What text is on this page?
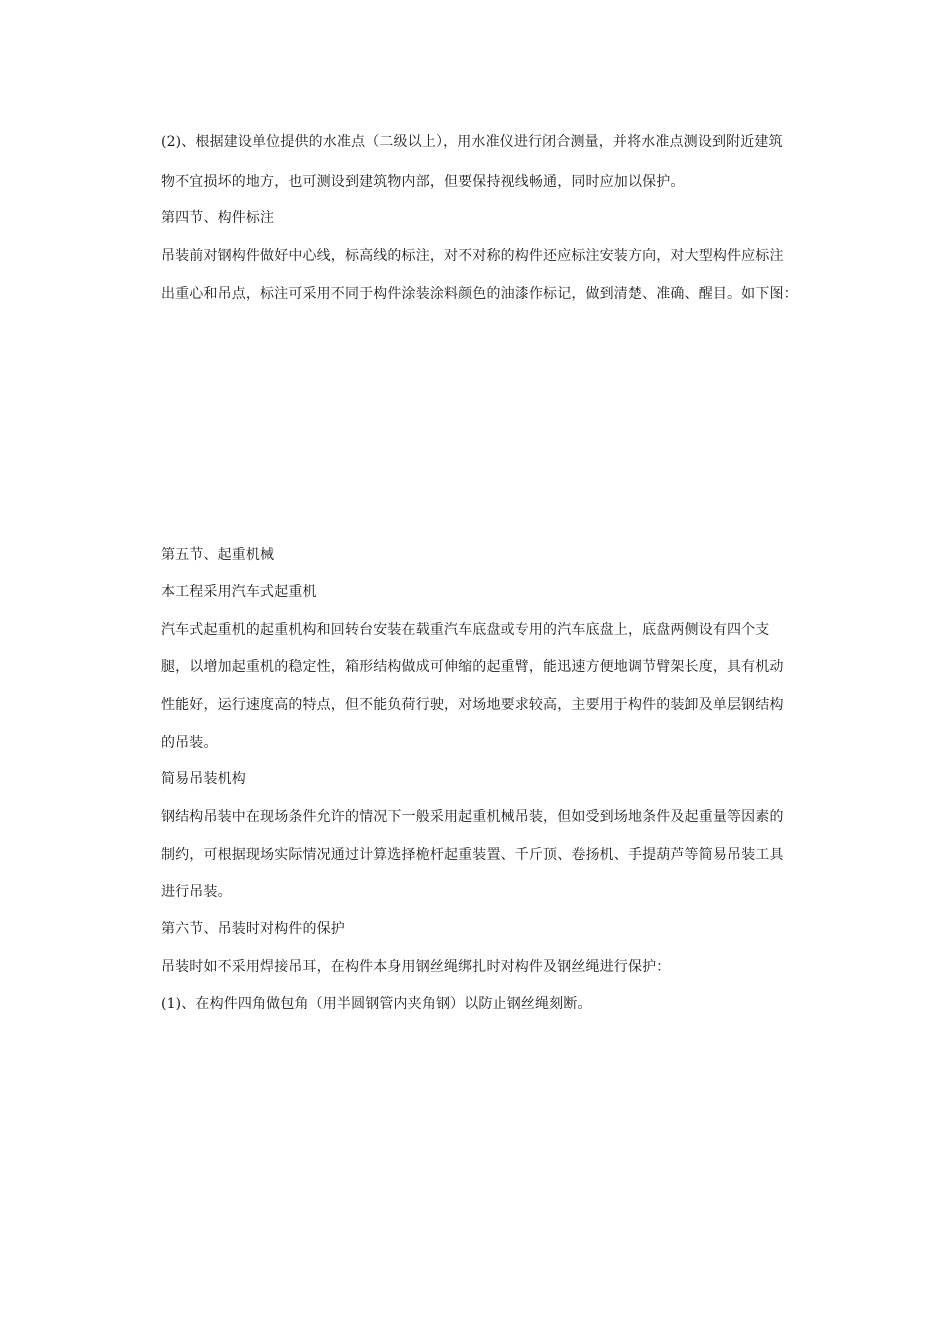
(2)、根据建设单位提供的水准点（二级以上），用水准仪进行闭合测量，并将水准点测设到附近建筑
物不宜损坏的地方，也可测设到建筑物内部，但要保持视线畅通，同时应加以保护。
第四节、构件标注
吊装前对钢构件做好中心线，标高线的标注，对不对称的构件还应标注安装方向，对大型构件应标注
出重心和吊点，标注可采用不同于构件涂装涂料颜色的油漆作标记，做到清楚、准确、醒目。如下图：
第五节、起重机械
本工程采用汽车式起重机
汽车式起重机的起重机构和回转台安装在载重汽车底盘或专用的汽车底盘上，底盘两侧设有四个支
腿，以增加起重机的稳定性，箱形结构做成可伸缩的起重臂，能迅速方便地调节臂架长度，具有机动
性能好，运行速度高的特点，但不能负荷行驶，对场地要求较高，主要用于构件的装卸及单层钢结构
的吊装。
简易吊装机构
钢结构吊装中在现场条件允许的情况下一般采用起重机械吊装，但如受到场地条件及起重量等因素的
制约，可根据现场实际情况通过计算选择桅杆起重装置、千斤顶、卷扬机、手提葫芦等简易吊装工具
进行吊装。
第六节、吊装时对构件的保护
吊装时如不采用焊接吊耳，在构件本身用钢丝绳绑扎时对构件及钢丝绳进行保护：
(1)、在构件四角做包角（用半圆钢管内夹角钢）以防止钢丝绳刻断。
